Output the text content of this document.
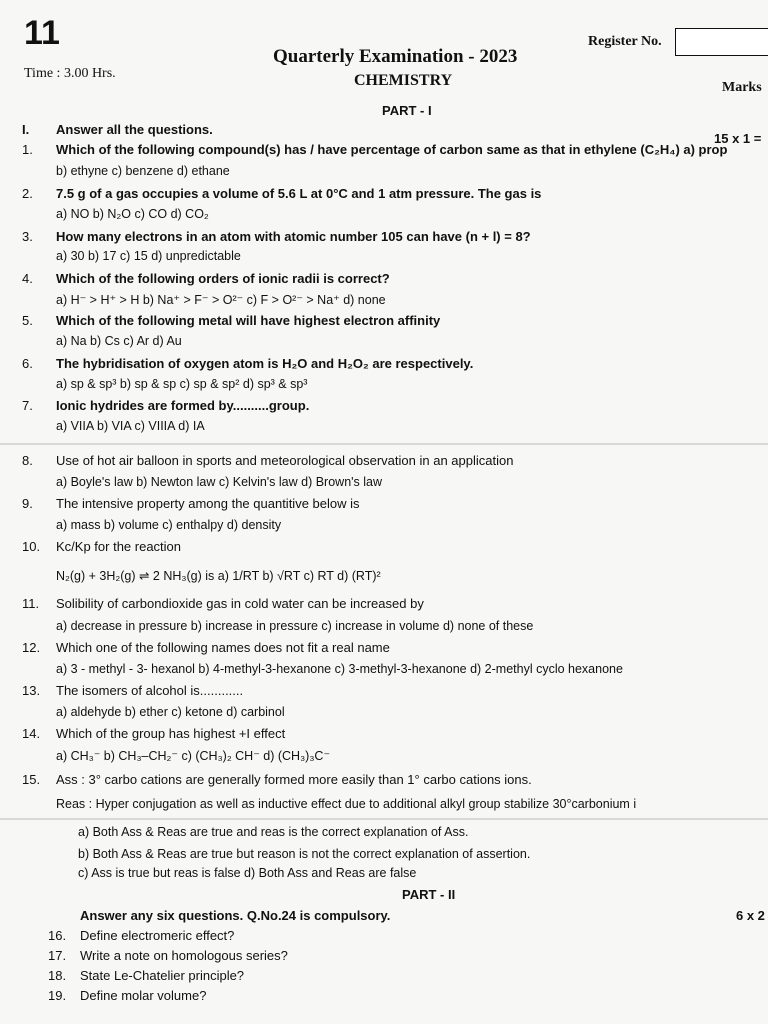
11
Quarterly Examination - 2023
CHEMISTRY
Register No.
Time : 3.00 Hrs.
Marks
PART - I
I. Answer all the questions.
15 x 1 =
1. Which of the following compound(s) has / have percentage of carbon same as that in ethylene (C₂H₄) a) prop
b) ethyne c) benzene d) ethane
2. 7.5 g of a gas occupies a volume of 5.6 L at 0°C and 1 atm pressure. The gas is
a) NO b) N₂O c) CO d) CO₂
3. How many electrons in an atom with atomic number 105 can have (n + l) = 8?
a) 30 b) 17 c) 15 d) unpredictable
4. Which of the following orders of ionic radii is correct?
a) H⁻ > H⁺ > H b) Na⁺ > F⁻ > O²⁻ c) F > O²⁻ > Na⁺ d) none
5. Which of the following metal will have highest electron affinity
a) Na b) Cs c) Ar d) Au
6. The hybridisation of oxygen atom is H₂O and H₂O₂ are respectively.
a) sp & sp³ b) sp & sp c) sp & sp² d) sp³ & sp³
7. Ionic hydrides are formed by..........group.
a) VIIA b) VIA c) VIIIA d) IA
8. Use of hot air balloon in sports and meteorological observation in an application
a) Boyle's law b) Newton law c) Kelvin's law d) Brown's law
9. The intensive property among the quantitive below is
a) mass b) volume c) enthalpy d) density
10. Kc/Kp for the reaction
N₂(g) + 3H₂(g) ⇌ 2 NH₃(g) is a) 1/RT b) √RT c) RT d) (RT)²
11. Solibility of carbondioxide gas in cold water can be increased by
a) decrease in pressure b) increase in pressure c) increase in volume d) none of these
12. Which one of the following names does not fit a real name
a) 3 - methyl - 3- hexanol b) 4-methyl-3-hexanone c) 3-methyl-3-hexanone d) 2-methyl cyclo hexanone
13. The isomers of alcohol is............
a) aldehyde b) ether c) ketone d) carbinol
14. Which of the group has highest +I effect
a) CH₃⁻ b) CH₃–CH₂⁻ c) (CH₃)₂ CH⁻ d) (CH₃)₃C⁻
15. Ass : 3° carbo cations are generally formed more easily than 1° carbo cations ions.
Reas : Hyper conjugation as well as inductive effect due to additional alkyl group stabilize 30°carbonium i
a) Both Ass & Reas are true and reas is the correct explanation of Ass.
b) Both Ass & Reas are true but reason is not the correct explanation of assertion.
c) Ass is true but reas is false d) Both Ass and Reas are false
PART - II
Answer any six questions. Q.No.24 is compulsory.	6 x 2
16. Define electromeric effect?
17. Write a note on homologous series?
18. State Le-Chatelier principle?
19. Define molar volume?
